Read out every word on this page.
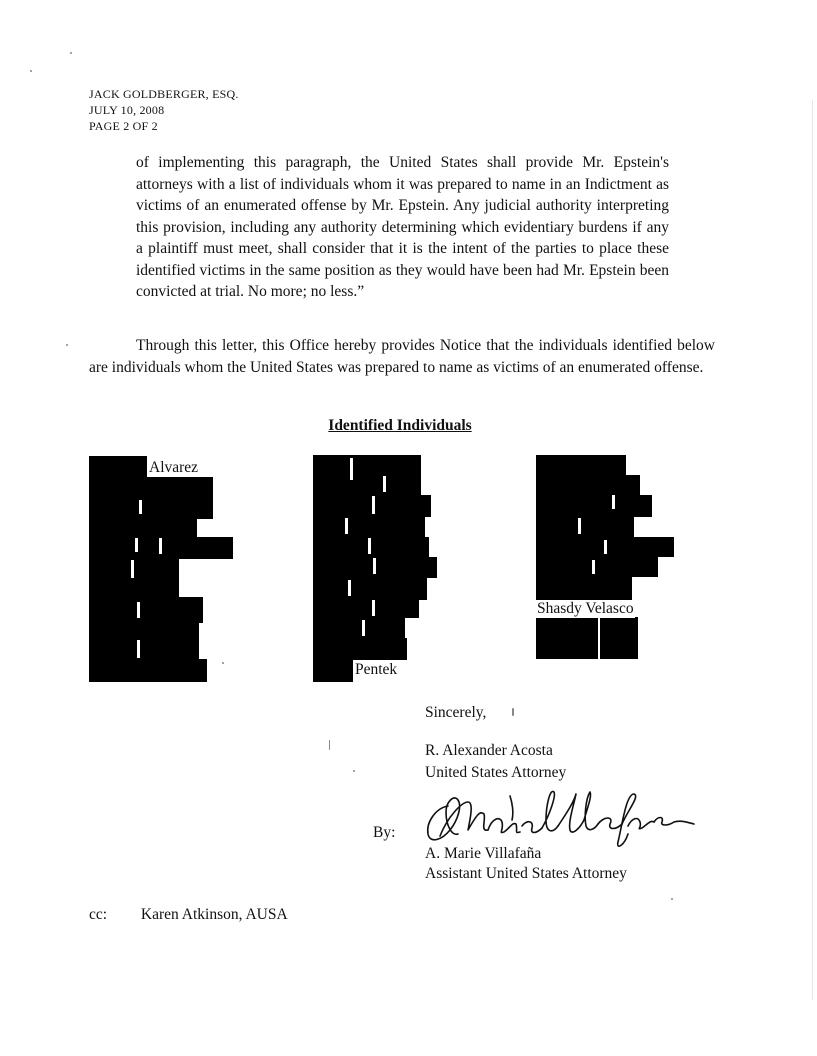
JACK GOLDBERGER, ESQ.
JULY 10, 2008
PAGE 2 OF 2
of implementing this paragraph, the United States shall provide Mr. Epstein's attorneys with a list of individuals whom it was prepared to name in an Indictment as victims of an enumerated offense by Mr. Epstein. Any judicial authority interpreting this provision, including any authority determining which evidentiary burdens if any a plaintiff must meet, shall consider that it is the intent of the parties to place these identified victims in the same position as they would have been had Mr. Epstein been convicted at trial. No more; no less.”
Through this letter, this Office hereby provides Notice that the individuals identified below are individuals whom the United States was prepared to name as victims of an enumerated offense.
Identified Individuals
Alvarez
Pentek
Shasdy Velasco
Sincerely,
R. Alexander Acosta
United States Attorney
By:
A. Marie Villafaña
Assistant United States Attorney
cc: Karen Atkinson, AUSA
